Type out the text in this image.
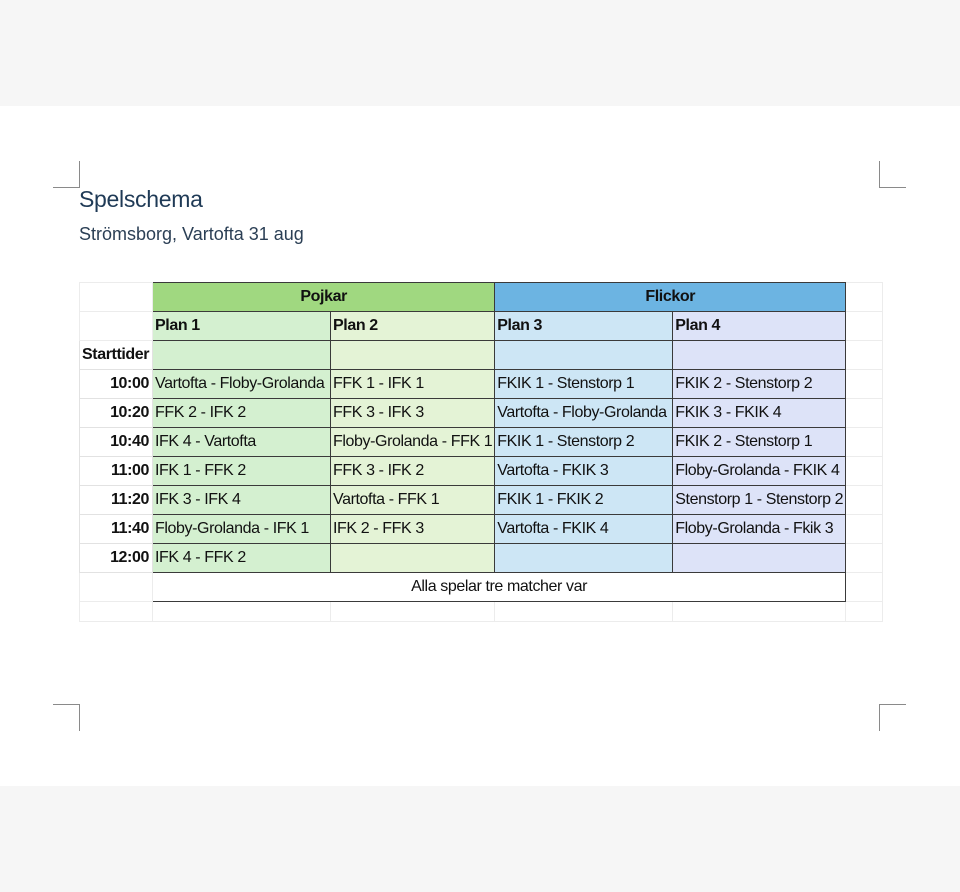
Spelschema
Strömsborg, Vartofta 31 aug
	Pojkar		Flickor		
	Plan 1	Plan 2	Plan 3	Plan 4	
Starttider					
10:00	Vartofta - Floby-Grolanda	FFK 1 - IFK 1	FKIK 1 - Stenstorp 1	FKIK 2 - Stenstorp 2	
10:20	FFK 2 - IFK 2	FFK 3 - IFK 3	Vartofta - Floby-Grolanda	FKIK 3 - FKIK 4	
10:40	IFK 4 - Vartofta	Floby-Grolanda - FFK 1	FKIK 1 - Stenstorp 2	FKIK 2 - Stenstorp 1	
11:00	IFK 1 - FFK 2	FFK 3 - IFK 2	Vartofta - FKIK 3	Floby-Grolanda - FKIK 4	
11:20	IFK 3 - IFK 4	Vartofta - FFK 1	FKIK 1 - FKIK 2	Stenstorp 1 - Stenstorp 2	
11:40	Floby-Grolanda - IFK 1	IFK 2 - FFK 3	Vartofta - FKIK 4	Floby-Grolanda - Fkik 3	
12:00	IFK 4 - FFK 2				
	Alla spelar tre matcher var				
